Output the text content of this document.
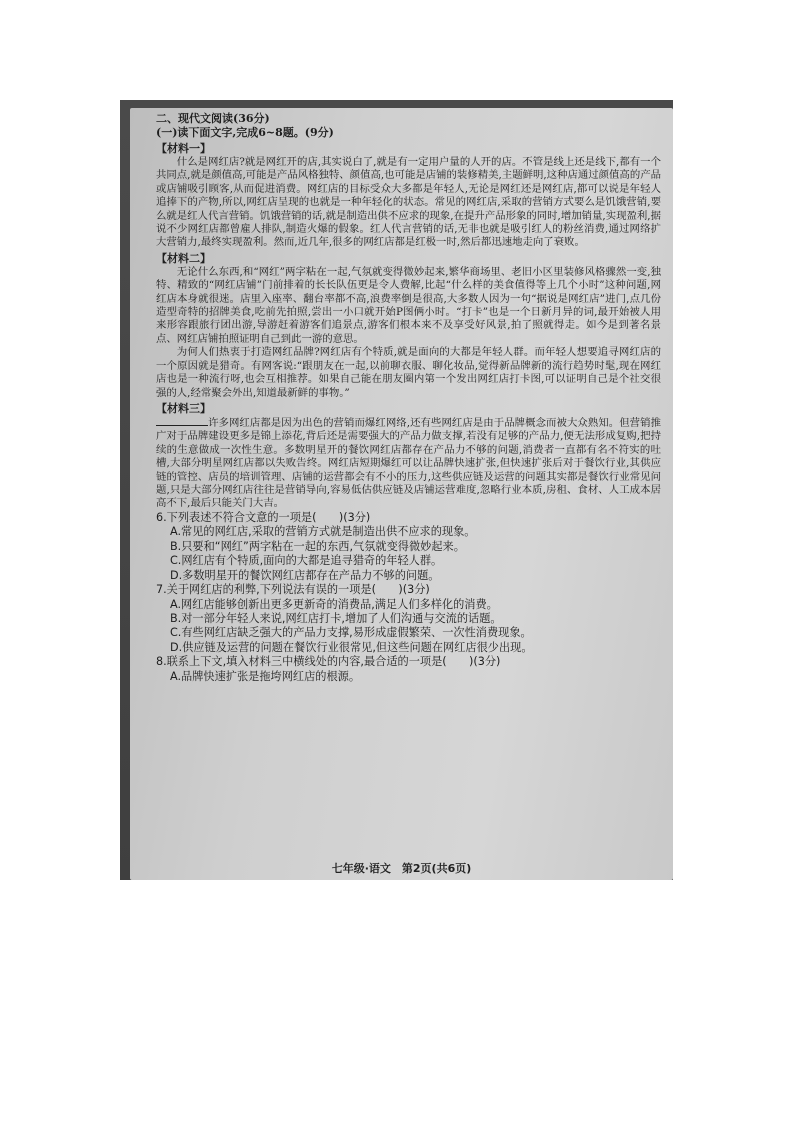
二、现代文阅读(36分)

(一)读下面文字,完成6~8题。(9分)

【材料一】

什么是网红店?就是网红开的店,其实说白了,就是有一定用户量的人开的店。不管是线上还是线下,都有一个共同点,就是颜值高,可能是产品风格独特、颜值高,也可能是店铺的装修精美,主题鲜明,这种店通过颜值高的产品或店铺吸引顾客,从而促进消费。网红店的目标受众大多都是年轻人,无论是网红还是网红店,都可以说是年轻人追捧下的产物,所以,网红店呈现的也就是一种年轻化的状态。常见的网红店,采取的营销方式要么是饥饿营销,要么就是红人代言营销。饥饿营销的话,就是制造出供不应求的现象,在提升产品形象的同时,增加销量,实现盈利,据说不少网红店都曾雇人排队,制造火爆的假象。红人代言营销的话,无非也就是吸引红人的粉丝消费,通过网络扩大营销力,最终实现盈利。然而,近几年,很多的网红店都是红极一时,然后都迅速地走向了衰败。

【材料二】

无论什么东西,和“网红”两字粘在一起,气氛就变得微妙起来,繁华商场里、老旧小区里装修风格骤然一变,独特、精致的“网红店铺”门前排着的长长队伍更是令人费解,比起“什么样的美食值得等上几个小时”这种问题,网红店本身就很迷。店里入座率、翻台率都不高,浪费率倒是很高,大多数人因为一句“据说是网红店”进门,点几份造型奇特的招牌美食,吃前先拍照,尝出一小口就开始P图俩小时。“打卡”也是一个日新月异的词,最开始被人用来形容跟旅行团出游,导游赶着游客们追景点,游客们根本来不及享受好风景,拍了照就得走。如今是到著名景点、网红店铺拍照证明自己到此一游的意思。

为何人们热衷于打造网红品牌?网红店有个特质,就是面向的大都是年轻人群。而年轻人想要追寻网红店的一个原因就是猎奇。有网客说:“跟朋友在一起,以前聊衣服、聊化妆品,觉得新品牌新的流行趋势时髦,现在网红店也是一种流行呀,也会互相推荐。如果自己能在朋友圈内第一个发出网红店打卡图,可以证明自己是个社交很强的人,经常聚会外出,知道最新鲜的事物。”

【材料三】

许多网红店都是因为出色的营销而爆红网络,还有些网红店是由于品牌概念而被大众熟知。但营销推广对于品牌建设更多是锦上添花,背后还是需要强大的产品力做支撑,若没有足够的产品力,便无法形成复购,把持续的生意做成一次性生意。多数明星开的餐饮网红店都存在产品力不够的问题,消费者一直都有名不符实的吐槽,大部分明星网红店都以失败告终。网红店短期爆红可以让品牌快速扩张,但快速扩张后对于餐饮行业,其供应链的管控、店员的培训管理、店铺的运营都会有不小的压力,这些供应链及运营的问题其实都是餐饮行业常见问题,只是大部分网红店往往是营销导向,容易低估供应链及店铺运营难度,忽略行业本质,房租、食材、人工成本居高不下,最后只能关门大吉。

6.下列表述不符合文意的一项是(　　)(3分)

A.常见的网红店,采取的营销方式就是制造出供不应求的现象。

B.只要和“网红”两字粘在一起的东西,气氛就变得微妙起来。

C.网红店有个特质,面向的大都是追寻猎奇的年轻人群。

D.多数明星开的餐饮网红店都存在产品力不够的问题。

7.关于网红店的利弊,下列说法有误的一项是(　　)(3分)

A.网红店能够创新出更多更新奇的消费品,满足人们多样化的消费。

B.对一部分年轻人来说,网红店打卡,增加了人们沟通与交流的话题。

C.有些网红店缺乏强大的产品力支撑,易形成虚假繁荣、一次性消费现象。

D.供应链及运营的问题在餐饮行业很常见,但这些问题在网红店很少出现。

8.联系上下文,填入材料三中横线处的内容,最合适的一项是(　　)(3分)

A.品牌快速扩张是拖垮网红店的根源。

七年级·语文　第2页(共6页)
